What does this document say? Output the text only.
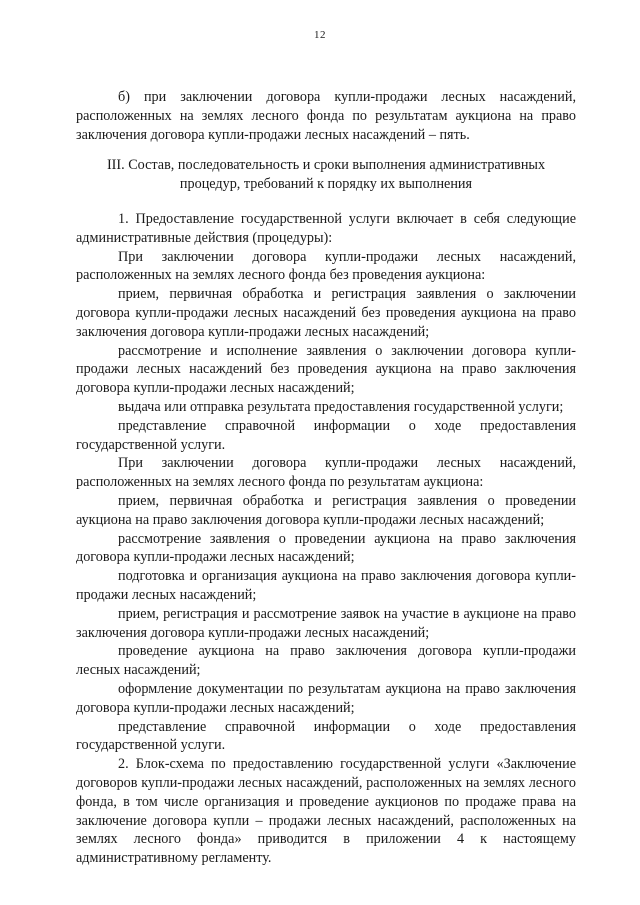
12

б) при заключении договора купли-продажи лесных насаждений, расположенных на землях лесного фонда по результатам аукциона на право заключения договора купли-продажи лесных насаждений – пять.

III. Состав, последовательность и сроки выполнения административных

процедур, требований к порядку их выполнения

1. Предоставление государственной услуги включает в себя следующие административные действия (процедуры):

При заключении договора купли-продажи лесных насаждений, расположенных на землях лесного фонда без проведения аукциона:

прием, первичная обработка и регистрация заявления о заключении договора купли-продажи лесных насаждений без проведения аукциона на право заключения договора купли-продажи лесных насаждений;

рассмотрение и исполнение заявления о заключении договора купли-продажи лесных насаждений без проведения аукциона на право заключения договора купли-продажи лесных насаждений;

выдача или отправка результата предоставления государственной услуги;

представление справочной информации о ходе предоставления государственной услуги.

При заключении договора купли-продажи лесных насаждений, расположенных на землях лесного фонда по результатам аукциона:

прием, первичная обработка и регистрация заявления о проведении аукциона на право заключения договора купли-продажи лесных насаждений;

рассмотрение заявления о проведении аукциона на право заключения договора купли-продажи лесных насаждений;

подготовка и организация аукциона на право заключения договора купли-продажи лесных насаждений;

прием, регистрация и рассмотрение заявок на участие в аукционе на право заключения договора купли-продажи лесных насаждений;

проведение аукциона на право заключения договора купли-продажи лесных насаждений;

оформление документации по результатам аукциона на право заключения договора купли-продажи лесных насаждений;

представление справочной информации о ходе предоставления государственной услуги.

2. Блок-схема по предоставлению государственной услуги «Заключение договоров купли-продажи лесных насаждений, расположенных на землях лесного фонда, в том числе организация и проведение аукционов по продаже права на заключение договора купли – продажи лесных насаждений, расположенных на землях лесного фонда» приводится в приложении 4 к настоящему административному регламенту.
